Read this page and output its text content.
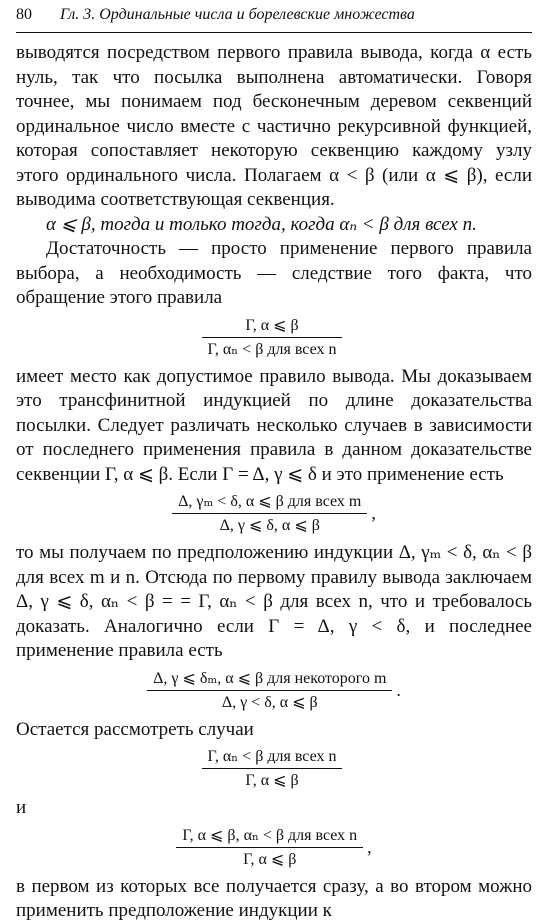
80	Гл. 3. Ординальные числа и борелевские множества

выводятся посредством первого правила вывода, когда α есть нуль, так что посылка выполнена автоматически. Говоря точнее, мы понимаем под бесконечным деревом секвенций ординальное число вместе с частично рекурсивной функцией, которая сопоставляет некоторую секвенцию каждому узлу этого ординального числа. Полагаем α < β (или α ⩽ β), если выводима соответствующая секвенция.

α ⩽ β, тогда и только тогда, когда αₙ < β для всех n.

Достаточность — просто применение первого правила выбора, а необходимость — следствие того факта, что обращение этого правила

$\frac{\Gamma, \alpha ⩽ \beta}{\text{Γ, αₙ < β для всех n}}$

имеет место как допустимое правило вывода. Мы доказываем это трансфинитной индукцией по длине доказательства посылки. Следует различать несколько случаев в зависимости от последнего применения правила в данном доказательстве секвенции Γ, α ⩽ β. Если Γ = Δ, γ ⩽ δ и это применение есть

$\frac{\text{Δ, γₘ < δ, α ⩽ β для всех m}}{\Delta, \gamma ⩽ \delta, \alpha ⩽ \beta}$ ,

то мы получаем по предположению индукции Δ, γₘ < δ, αₙ < β для всех m и n. Отсюда по первому правилу вывода заключаем Δ, γ ⩽ δ, αₙ < β = = Γ, αₙ < β для всех n, что и требовалось доказать. Аналогично если Γ = Δ, γ < δ, и последнее применение правила есть

$\frac{\text{Δ, γ ⩽ δₘ, α ⩽ β для некоторого m}}{\Delta, \gamma < \delta, \alpha ⩽ \beta}$ .

Остается рассмотреть случаи

$\frac{\text{Γ, αₙ < β для всех n}}{\Gamma, \alpha ⩽ \beta}$

и

$\frac{\text{Γ, α ⩽ β, αₙ < β для всех n}}{\Gamma, \alpha ⩽ \beta}$ ,

в первом из которых все получается сразу, а во втором можно применить предположение индукции к
